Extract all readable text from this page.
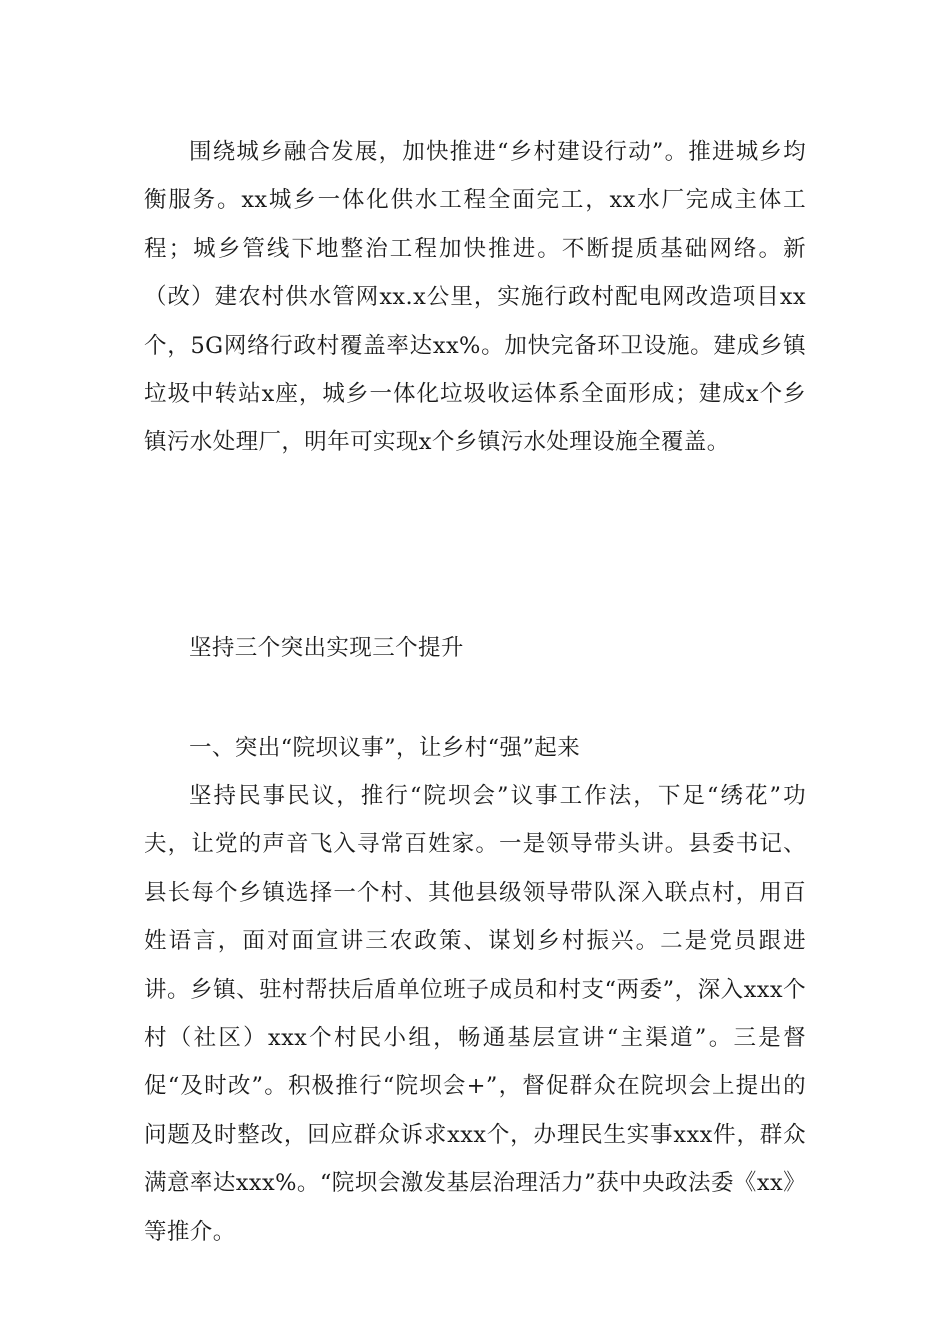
围绕城乡融合发展，加快推进“乡村建设行动”。推进城乡均衡服务。xx城乡一体化供水工程全面完工，xx水厂完成主体工程；城乡管线下地整治工程加快推进。不断提质基础网络。新（改）建农村供水管网xx.x公里，实施行政村配电网改造项目xx个，5G网络行政村覆盖率达xx%。加快完备环卫设施。建成乡镇垃圾中转站x座，城乡一体化垃圾收运体系全面形成；建成x个乡镇污水处理厂，明年可实现x个乡镇污水处理设施全覆盖。

坚持三个突出实现三个提升

一、突出“院坝议事”，让乡村“强”起来

坚持民事民议，推行“院坝会”议事工作法，下足“绣花”功夫，让党的声音飞入寻常百姓家。一是领导带头讲。县委书记、县长每个乡镇选择一个村、其他县级领导带队深入联点村，用百姓语言，面对面宣讲三农政策、谋划乡村振兴。二是党员跟进讲。乡镇、驻村帮扶后盾单位班子成员和村支“两委”，深入xxx个村（社区）xxx个村民小组，畅通基层宣讲“主渠道”。三是督促“及时改”。积极推行“院坝会+”，督促群众在院坝会上提出的问题及时整改，回应群众诉求xxx个，办理民生实事xxx件，群众满意率达xxx%。“院坝会激发基层治理活力”获中央政法委《xx》等推介。
